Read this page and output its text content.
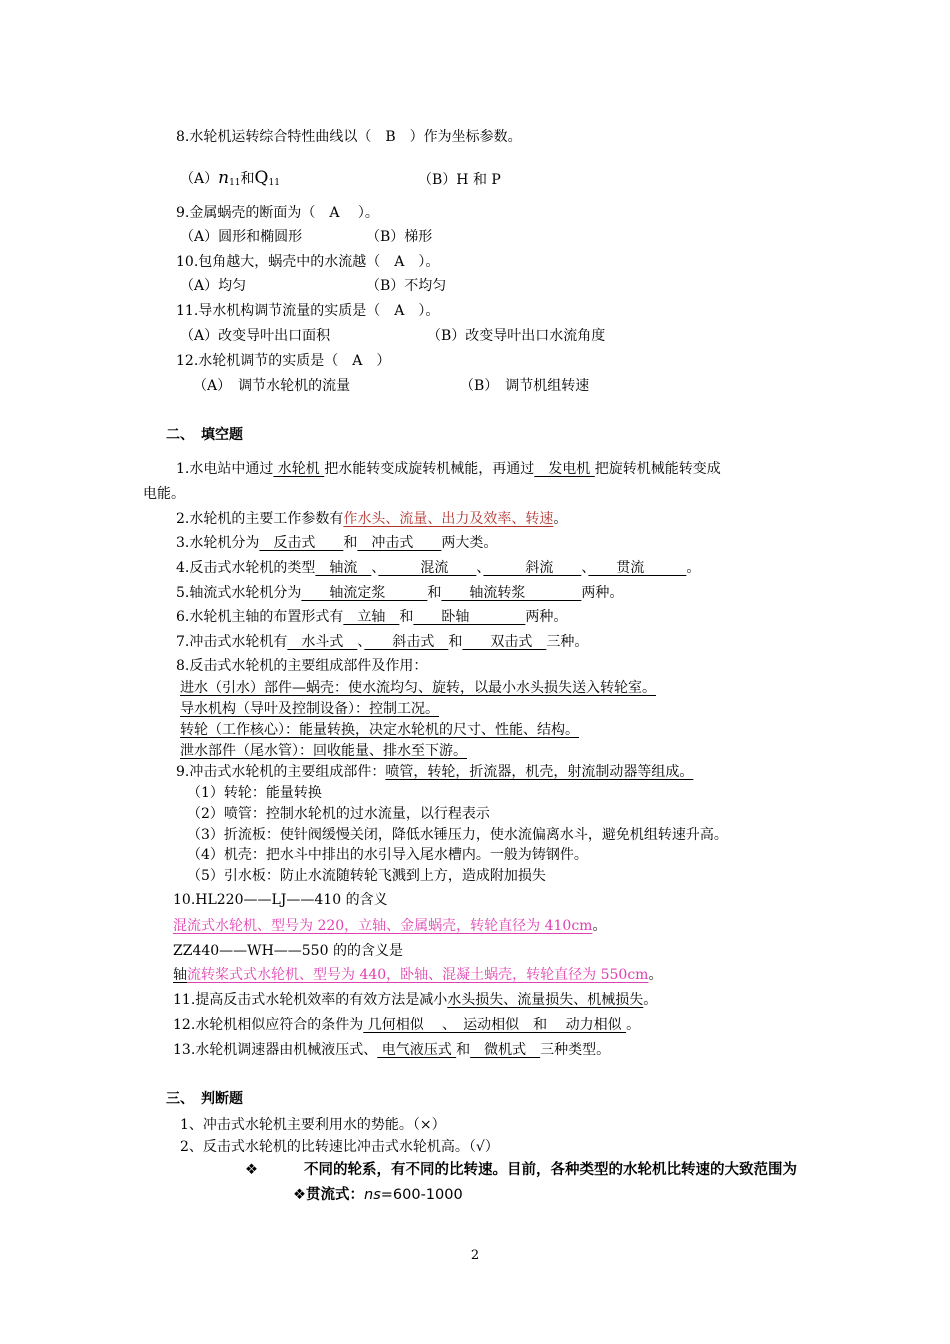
8.水轮机运转综合特性曲线以（　B　）作为坐标参数。
$(A)n_{11}$和$Q_{11}$	（B）H 和 P
9.金属蜗壳的断面为（　A　 ）。
（A）圆形和椭圆形	（B）梯形
10.包角越大，蜗壳中的水流越（　A　）。
（A）均匀	（B）不均匀
11.导水机构调节流量的实质是（　A　）。
（A）改变导叶出口面积	（B）改变导叶出口水流角度
12.水轮机调节的实质是（　A　）
（A）　调节水轮机的流量	（B）　调节机组转速
二、　填空题
1.水电站中通过 水轮机 把水能转变成旋转机械能，再通过　发电机 把旋转机械能转变成
电能。
2.水轮机的主要工作参数有作水头、流量、出力及效率、转速。
3.水轮机分为　反击式　　和　冲击式　　两大类。
4.反击式水轮机的类型　轴流　、　　　混流　　、　　　斜流　　、　　贯流　　　。
5.轴流式水轮机分为　　轴流定浆　　　和　　轴流转浆　　　　两种。
6.水轮机主轴的布置形式有　立轴　和　　卧轴　　　　两种。
7.冲击式水轮机有　水斗式　、　　斜击式　和　　双击式　三种。
8.反击式水轮机的主要组成部件及作用：
进水（引水）部件—蜗壳：使水流均匀、旋转，以最小水头损失送入转轮室。
导水机构（导叶及控制设备）：控制工况。
转轮（工作核心）：能量转换，决定水轮机的尺寸、性能、结构。
泄水部件（尾水管）：回收能量、排水至下游。
9.冲击式水轮机的主要组成部件：喷管，转轮，折流器，机壳，射流制动器等组成。
（1）转轮：能量转换
（2）喷管：控制水轮机的过水流量，以行程表示
（3）折流板：使针阀缓慢关闭，降低水锤压力，使水流偏离水斗，避免机组转速升高。
（4）机壳：把水斗中排出的水引导入尾水槽内。一般为铸钢件。
（5）引水板：防止水流随转轮飞溅到上方，造成附加损失
10.HL220——LJ——410 的含义
混流式水轮机、型号为 220，立轴、金属蜗壳，转轮直径为 410cm。
ZZ440——WH——550 的的含义是
轴流转桨式式水轮机、型号为 440，卧轴、混凝土蜗壳，转轮直径为 550cm。
11.提高反击式水轮机效率的有效方法是减小水头损失、流量损失、机械损失。
12.水轮机相似应符合的条件为 几何相似　 、　运动相似　和　 动力相似 。
13.水轮机调速器由机械液压式、 电气液压式 和　微机式　三种类型。
三、　判断题
1、冲击式水轮机主要利用水的势能。（×）
2、反击式水轮机的比转速比冲击式水轮机高。（√）
❖	不同的轮系，有不同的比转速。目前，各种类型的水轮机比转速的大致范围为
❖贯流式：ns=600-1000
2
